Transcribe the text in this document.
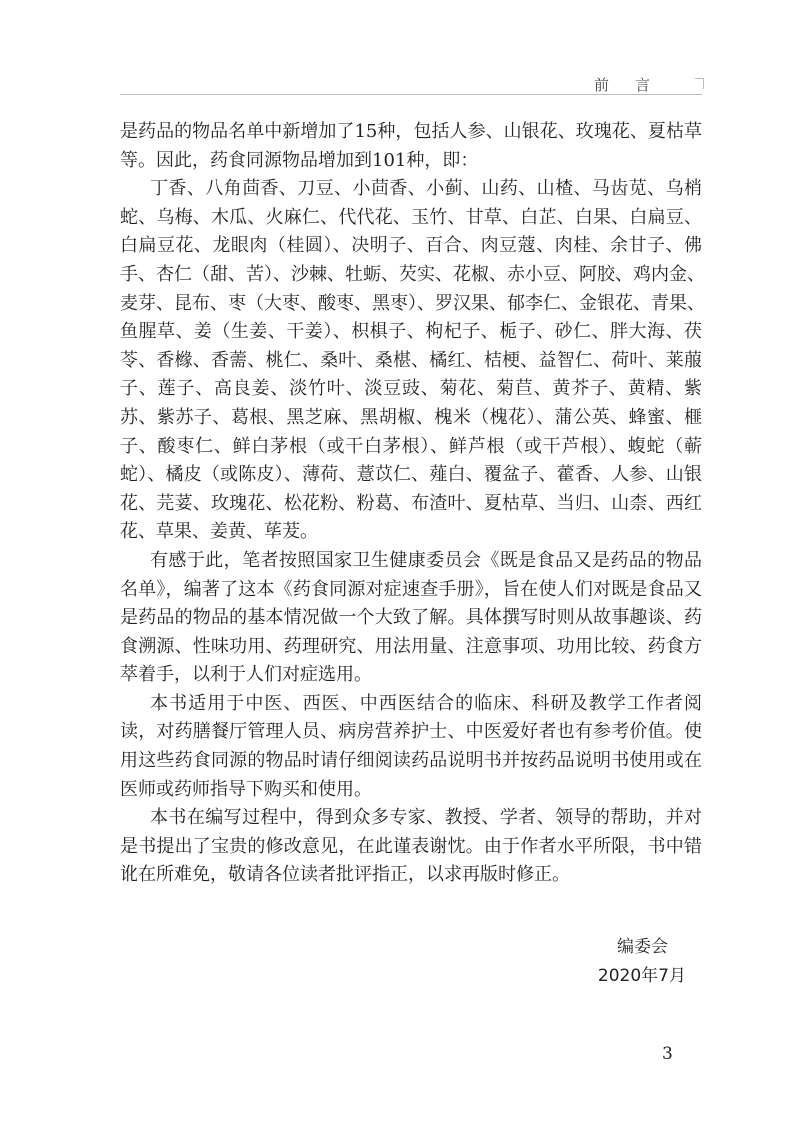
前言
是药品的物品名单中新增加了15种，包括人参、山银花、玫瑰花、夏枯草
等。因此，药食同源物品增加到101种，即：
丁香、八角茴香、刀豆、小茴香、小蓟、山药、山楂、马齿苋、乌梢
蛇、乌梅、木瓜、火麻仁、代代花、玉竹、甘草、白芷、白果、白扁豆、
白扁豆花、龙眼肉（桂圆）、决明子、百合、肉豆蔻、肉桂、余甘子、佛
手、杏仁（甜、苦）、沙棘、牡蛎、芡实、花椒、赤小豆、阿胶、鸡内金、
麦芽、昆布、枣（大枣、酸枣、黑枣）、罗汉果、郁李仁、金银花、青果、
鱼腥草、姜（生姜、干姜）、枳椇子、枸杞子、栀子、砂仁、胖大海、茯
苓、香橼、香薷、桃仁、桑叶、桑椹、橘红、桔梗、益智仁、荷叶、莱菔
子、莲子、高良姜、淡竹叶、淡豆豉、菊花、菊苣、黄芥子、黄精、紫
苏、紫苏子、葛根、黑芝麻、黑胡椒、槐米（槐花）、蒲公英、蜂蜜、榧
子、酸枣仁、鲜白茅根（或干白茅根）、鲜芦根（或干芦根）、蝮蛇（蕲
蛇）、橘皮（或陈皮）、薄荷、薏苡仁、薤白、覆盆子、藿香、人参、山银
花、芫荽、玫瑰花、松花粉、粉葛、布渣叶、夏枯草、当归、山柰、西红
花、草果、姜黄、荜茇。
有感于此，笔者按照国家卫生健康委员会《既是食品又是药品的物品
名单》，编著了这本《药食同源对症速查手册》，旨在使人们对既是食品又
是药品的物品的基本情况做一个大致了解。具体撰写时则从故事趣谈、药
食溯源、性味功用、药理研究、用法用量、注意事项、功用比较、药食方
萃着手，以利于人们对症选用。
本书适用于中医、西医、中西医结合的临床、科研及教学工作者阅
读，对药膳餐厅管理人员、病房营养护士、中医爱好者也有参考价值。使
用这些药食同源的物品时请仔细阅读药品说明书并按药品说明书使用或在
医师或药师指导下购买和使用。
本书在编写过程中，得到众多专家、教授、学者、领导的帮助，并对
是书提出了宝贵的修改意见，在此谨表谢忱。由于作者水平所限，书中错
讹在所难免，敬请各位读者批评指正，以求再版时修正。
编委会
2020年7月
3
